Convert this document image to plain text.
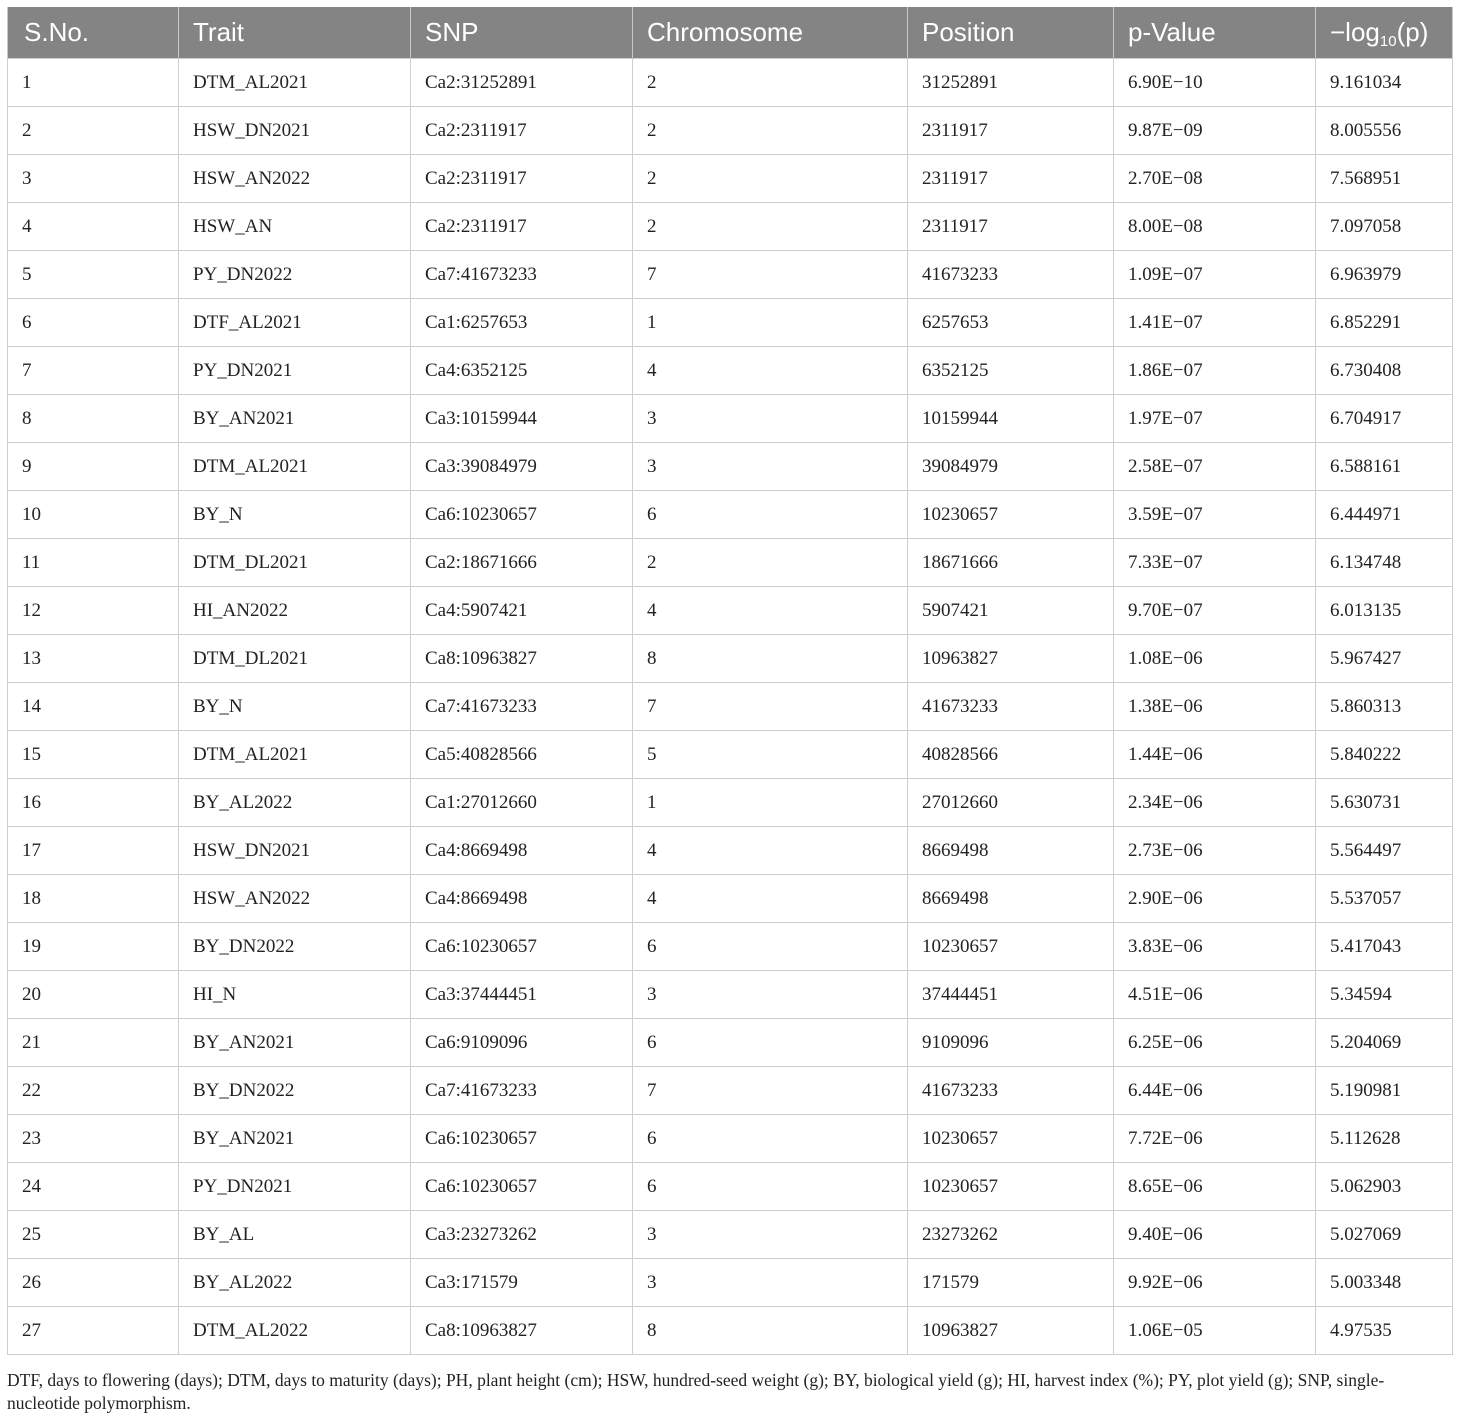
S.No.	Trait	SNP	Chromosome	Position	p-Value	$-\log_{10}(p)$
1	DTM_AL2021	Ca2:31252891	2	31252891	6.90E−10	9.161034
2	HSW_DN2021	Ca2:2311917	2	2311917	9.87E−09	8.005556
3	HSW_AN2022	Ca2:2311917	2	2311917	2.70E−08	7.568951
4	HSW_AN	Ca2:2311917	2	2311917	8.00E−08	7.097058
5	PY_DN2022	Ca7:41673233	7	41673233	1.09E−07	6.963979
6	DTF_AL2021	Ca1:6257653	1	6257653	1.41E−07	6.852291
7	PY_DN2021	Ca4:6352125	4	6352125	1.86E−07	6.730408
8	BY_AN2021	Ca3:10159944	3	10159944	1.97E−07	6.704917
9	DTM_AL2021	Ca3:39084979	3	39084979	2.58E−07	6.588161
10	BY_N	Ca6:10230657	6	10230657	3.59E−07	6.444971
11	DTM_DL2021	Ca2:18671666	2	18671666	7.33E−07	6.134748
12	HI_AN2022	Ca4:5907421	4	5907421	9.70E−07	6.013135
13	DTM_DL2021	Ca8:10963827	8	10963827	1.08E−06	5.967427
14	BY_N	Ca7:41673233	7	41673233	1.38E−06	5.860313
15	DTM_AL2021	Ca5:40828566	5	40828566	1.44E−06	5.840222
16	BY_AL2022	Ca1:27012660	1	27012660	2.34E−06	5.630731
17	HSW_DN2021	Ca4:8669498	4	8669498	2.73E−06	5.564497
18	HSW_AN2022	Ca4:8669498	4	8669498	2.90E−06	5.537057
19	BY_DN2022	Ca6:10230657	6	10230657	3.83E−06	5.417043
20	HI_N	Ca3:37444451	3	37444451	4.51E−06	5.34594
21	BY_AN2021	Ca6:9109096	6	9109096	6.25E−06	5.204069
22	BY_DN2022	Ca7:41673233	7	41673233	6.44E−06	5.190981
23	BY_AN2021	Ca6:10230657	6	10230657	7.72E−06	5.112628
24	PY_DN2021	Ca6:10230657	6	10230657	8.65E−06	5.062903
25	BY_AL	Ca3:23273262	3	23273262	9.40E−06	5.027069
26	BY_AL2022	Ca3:171579	3	171579	9.92E−06	5.003348
27	DTM_AL2022	Ca8:10963827	8	10963827	1.06E−05	4.97535
DTF, days to flowering (days); DTM, days to maturity (days); PH, plant height (cm); HSW, hundred-seed weight (g); BY, biological yield (g); HI, harvest index (%); PY, plot yield (g); SNP, single-nucleotide polymorphism.
